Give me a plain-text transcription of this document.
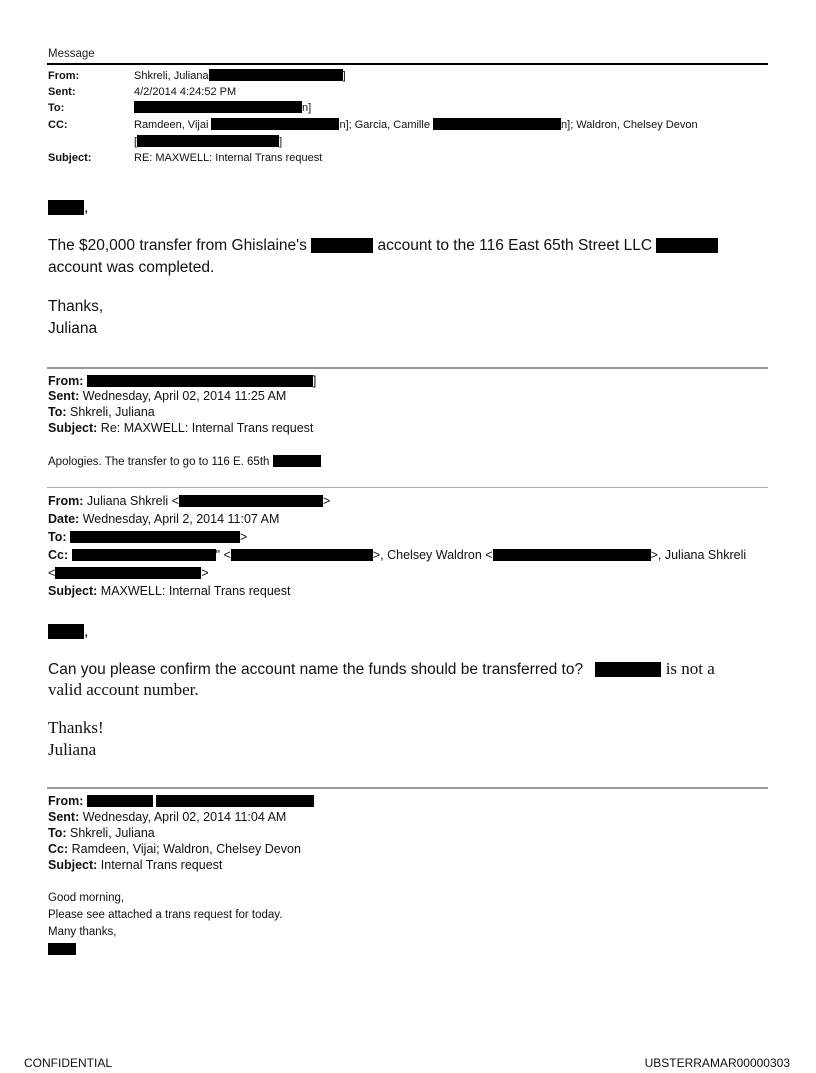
Message
From:	Shkreli, Juliana	]
Sent:	4/2/2014 4:24:52 PM
To:	n]
CC:	Ramdeen, Vijai	n]; Garcia, Camille	n]; Waldron, Chelsey Devon
[	]
Subject:	RE: MAXWELL: Internal Trans request
,
The $20,000 transfer from Ghislaine's	account to the 116 East 65th Street LLC
account was completed.
Thanks,
Juliana
From:	]
Sent: Wednesday, April 02, 2014 11:25 AM
To: Shkreli, Juliana
Subject: Re: MAXWELL: Internal Trans request
Apologies. The transfer to go to 116 E. 65th
From: Juliana Shkreli <	>
Date: Wednesday, April 2, 2014 11:07 AM
To:	>
Cc:	" <	>, Chelsey Waldron <	>, Juliana Shkreli
<	>
Subject: MAXWELL: Internal Trans request
,
Can you please confirm the account name the funds should be transferred to?	is not a
valid account number.
Thanks!
Juliana
From:
Sent: Wednesday, April 02, 2014 11:04 AM
To: Shkreli, Juliana
Cc: Ramdeen, Vijai; Waldron, Chelsey Devon
Subject: Internal Trans request
Good morning,
Please see attached a trans request for today.
Many thanks,
CONFIDENTIAL	UBSTERRAMAR00000303
